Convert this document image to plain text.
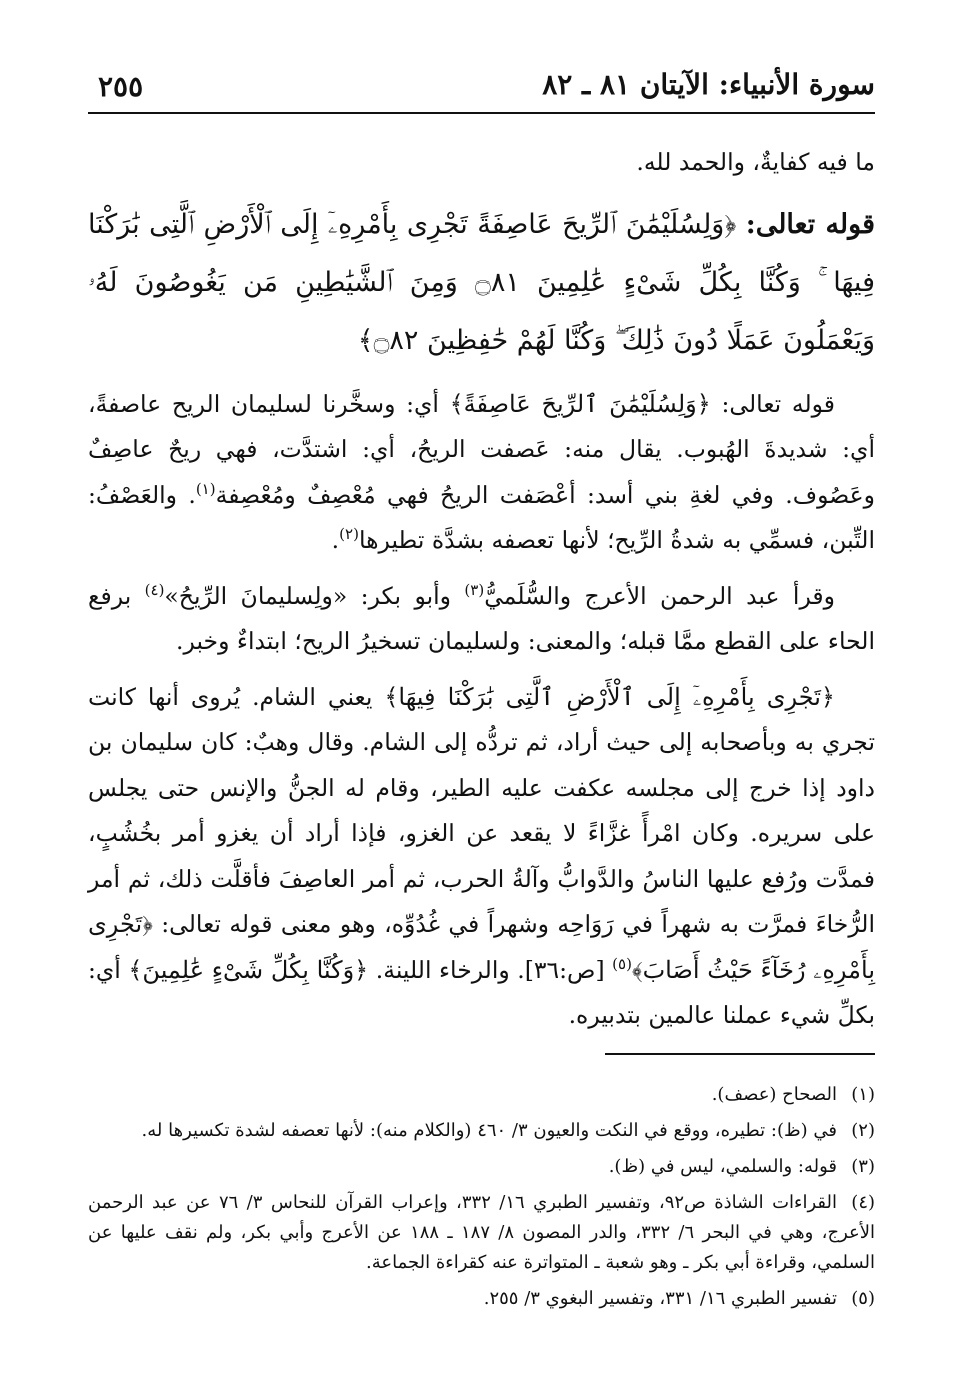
سورة الأنبياء: الآيتان ٨١ ـ ٨٢
٢٥٥

ما فيه كفايةٌ، والحمد لله.

قوله تعالى: ﴿وَلِسُلَيْمَٰنَ ٱلرِّيحَ عَاصِفَةً تَجْرِى بِأَمْرِهِۦٓ إِلَى ٱلْأَرْضِ ٱلَّتِى بَٰرَكْنَا فِيهَا ۚ وَكُنَّا بِكُلِّ شَىْءٍ عَٰلِمِينَ ۝٨١ وَمِنَ ٱلشَّيَٰطِينِ مَن يَغُوصُونَ لَهُۥ وَيَعْمَلُونَ عَمَلًا دُونَ ذَٰلِكَ ۖ وَكُنَّا لَهُمْ حَٰفِظِينَ ۝٨٢﴾

قوله تعالى: ﴿وَلِسُلَيْمَٰنَ ٱلرِّيحَ عَاصِفَةً﴾ أي: وسخَّرنا لسليمان الريح عاصفةً، أي: شديدةَ الهُبوب. يقال منه: عَصفت الريحُ، أي: اشتدَّت، فهي ريحٌ عاصِفٌ وعَصُوف. وفي لغةِ بني أسد: أعْصَفت الريحُ فهي مُعْصِفٌ ومُعْصِفة$^{(١)}$. والعَصْفُ: التِّبن، فسمِّي به شدةُ الرِّيح؛ لأنها تعصفه بشدَّة تطيرها$^{(٢)}$.

وقرأ عبد الرحمن الأعرج والسُّلَميُّ$^{(٣)}$ وأبو بكر: «ولِسليمانَ الرِّيحُ»$^{(٤)}$ برفع الحاء على القطع ممَّا قبله؛ والمعنى: ولسليمان تسخيرُ الريح؛ ابتداءٌ وخبر.

﴿تَجْرِى بِأَمْرِهِۦٓ إِلَى ٱلْأَرْضِ ٱلَّتِى بَٰرَكْنَا فِيهَا﴾ يعني الشام. يُروى أنها كانت تجري به وبأصحابه إلى حيث أراد، ثم تردُّه إلى الشام. وقال وهبٌ: كان سليمان بن داود إذا خرج إلى مجلسه عكفت عليه الطير، وقام له الجنُّ والإنس حتى يجلس على سريره. وكان امْرأً غزَّاءً لا يقعد عن الغزو، فإذا أراد أن يغزو أمر بخُشُبٍ، فمدَّت ورُفع عليها الناسُ والدَّوابُّ وآلةُ الحرب، ثم أمر العاصِفَ فأقلَّت ذلك، ثم أمر الرُّخاءَ فمرَّت به شهراً في رَوَاحِه وشهراً في غُدُوِّه، وهو معنى قوله تعالى: ﴿تَجْرِى بِأَمْرِهِۦ رُخَآءً حَيْثُ أَصَابَ﴾$^{(٥)}$ [ص:٣٦]. والرخاء اللينة. ﴿وَكُنَّا بِكُلِّ شَىْءٍ عَٰلِمِينَ﴾ أي: بكلِّ شيء عملنا عالمين بتدبيره.

(١)الصحاح (عصف).
(٢)في (ظ): تطيره، ووقع في النكت والعيون ٣/ ٤٦٠ (والكلام منه): لأنها تعصفه لشدة تكسيرها له.
(٣)قوله: والسلمي، ليس في (ظ).
(٤)القراءات الشاذة ص٩٢، وتفسير الطبري ١٦/ ٣٣٢، وإعراب القرآن للنحاس ٣/ ٧٦ عن عبد الرحمن الأعرج، وهي في البحر ٦/ ٣٣٢، والدر المصون ٨/ ١٨٧ ـ ١٨٨ عن الأعرج وأبي بكر، ولم نقف عليها عن السلمي، وقراءة أبي بكر ـ وهو شعبة ـ المتواترة عنه كقراءة الجماعة.
(٥)تفسير الطبري ١٦/ ٣٣١، وتفسير البغوي ٣/ ٢٥٥.
